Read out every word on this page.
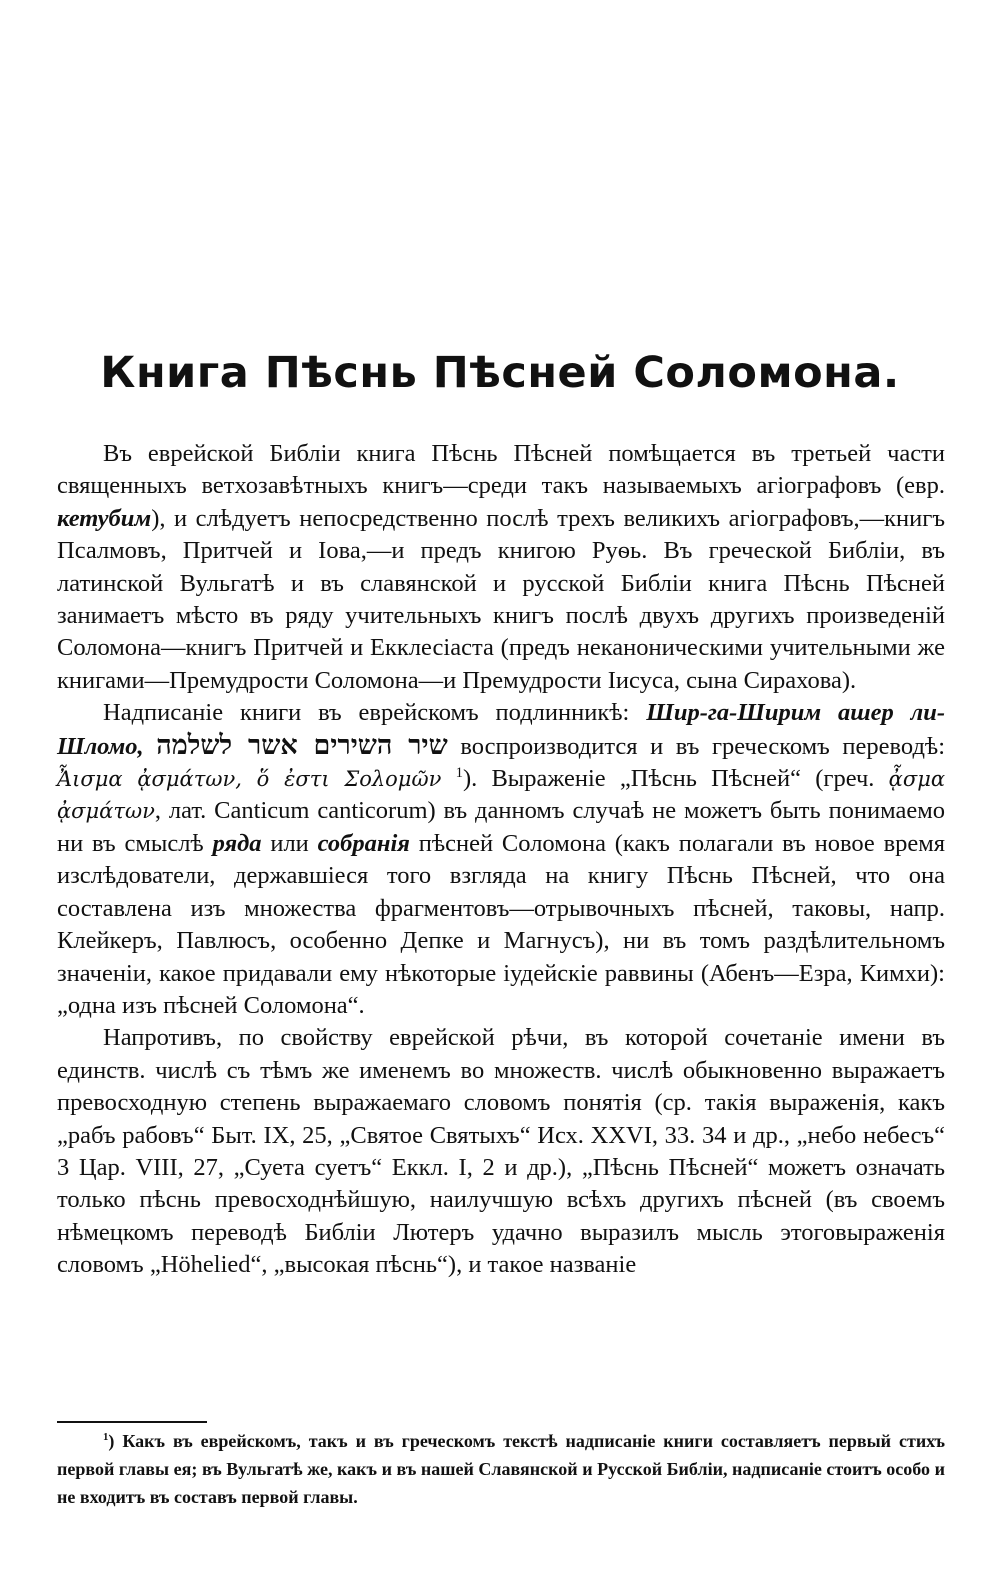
Книга Пѣснь Пѣсней Соломона.

Въ еврейской Библіи книга Пѣснь Пѣсней помѣщается въ третьей части священныхъ ветхозавѣтныхъ книгъ—среди такъ называемыхъ агіографовъ (евр. кетубим), и слѣдуетъ непосредственно послѣ трехъ великихъ агіографовъ,—книгъ Псалмовъ, Притчей и Іова,—и предъ книгою Руѳь. Въ греческой Библіи, въ латинской Вульгатѣ и въ славянской и русской Библіи книга Пѣснь Пѣсней занимаетъ мѣсто въ ряду учительныхъ книгъ послѣ двухъ другихъ произведеній Соломона—книгъ Притчей и Екклесіаста (предъ неканоническими учительными же книгами—Премудрости Соломона—и Премудрости Іисуса, сына Сирахова).

Надписаніе книги въ еврейскомъ подлинникѣ: Шир-га-Ширим ашер ли-Шломо, שיר השירים אשר לשלמה воспроизводится и въ греческомъ переводѣ: Ἆισμα ᾀσμάτων, ὅ ἐστι Σολομῶν $^1$). Выраженіе „Пѣснь Пѣсней“ (греч. ᾆσμα ᾀσμάτων, лат. Canticum canticorum) въ данномъ случаѣ не можетъ быть понимаемо ни въ смыслѣ ряда или собранія пѣсней Соломона (какъ полагали въ новое время изслѣдователи, державшіеся того взгляда на книгу Пѣснь Пѣсней, что она составлена изъ множества фрагментовъ—отрывочныхъ пѣсней, таковы, напр. Клейкеръ, Павлюсъ, особенно Депке и Магнусъ), ни въ томъ раздѣлительномъ значеніи, какое придавали ему нѣкоторые іудейскіе раввины (Абенъ—Езра, Кимхи): „одна изъ пѣсней Соломона“.

Напротивъ, по свойству еврейской рѣчи, въ которой сочетаніе имени въ единств. числѣ съ тѣмъ же именемъ во множеств. числѣ обыкновенно выражаетъ превосходную степень выражаемаго словомъ понятія (ср. такія выраженія, какъ „рабъ рабовъ“ Быт. IX, 25, „Святое Святыхъ“ Исх. XXVI, 33. 34 и др., „небо небесъ“ 3 Цар. VIII, 27, „Суета суетъ“ Еккл. I, 2 и др.), „Пѣснь Пѣсней“ можетъ означать только пѣснь превосходнѣйшую, наилучшую всѣхъ другихъ пѣсней (въ своемъ нѣмецкомъ переводѣ Библіи Лютеръ удачно выразилъ мысль этоговыраженія словомъ „Höhelied“, „высокая пѣснь“), и такое названіе

$^1$) Какъ въ еврейскомъ, такъ и въ греческомъ текстѣ надписаніе книги составляетъ первый стихъ первой главы ея; въ Вульгатѣ же, какъ и въ нашей Славянской и Русской Библіи, надписаніе стоитъ особо и не входитъ въ составъ первой главы.
